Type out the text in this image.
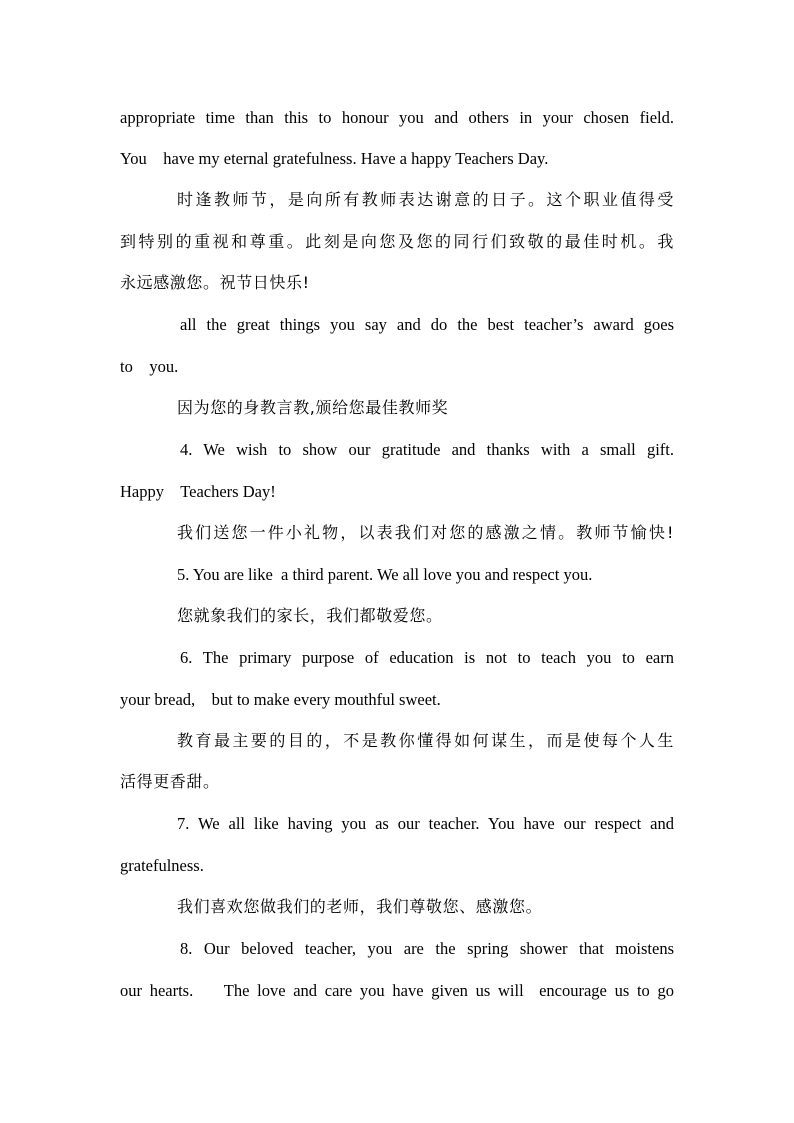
appropriate time than this to honour you and others in your chosen field.
You    have my eternal gratefulness. Have a happy Teachers Day.
时逢教师节，是向所有教师表达谢意的日子。这个职业值得受
到特别的重视和尊重。此刻是向您及您的同行们致敬的最佳时机。我
永远感激您。祝节日快乐!
all the great things you say and do the best teacher’s award goes
to    you.
因为您的身教言教,颁给您最佳教师奖
4. We wish to show our gratitude and thanks with a small gift.
Happy    Teachers Day!
我们送您一件小礼物，以表我们对您的感激之情。教师节愉快!
5. You are like  a third parent. We all love you and respect you.
您就象我们的家长，我们都敬爱您。
6. The primary purpose of education is not to teach you to earn
your bread,    but to make every mouthful sweet.
教育最主要的目的，不是教你懂得如何谋生，而是使每个人生
活得更香甜。
7. We all like having you as our teacher. You have our respect and
gratefulness.
我们喜欢您做我们的老师，我们尊敬您、感激您。
8. Our beloved teacher, you are the spring shower that moistens
our hearts.    The love and care you have given us will  encourage us to go
